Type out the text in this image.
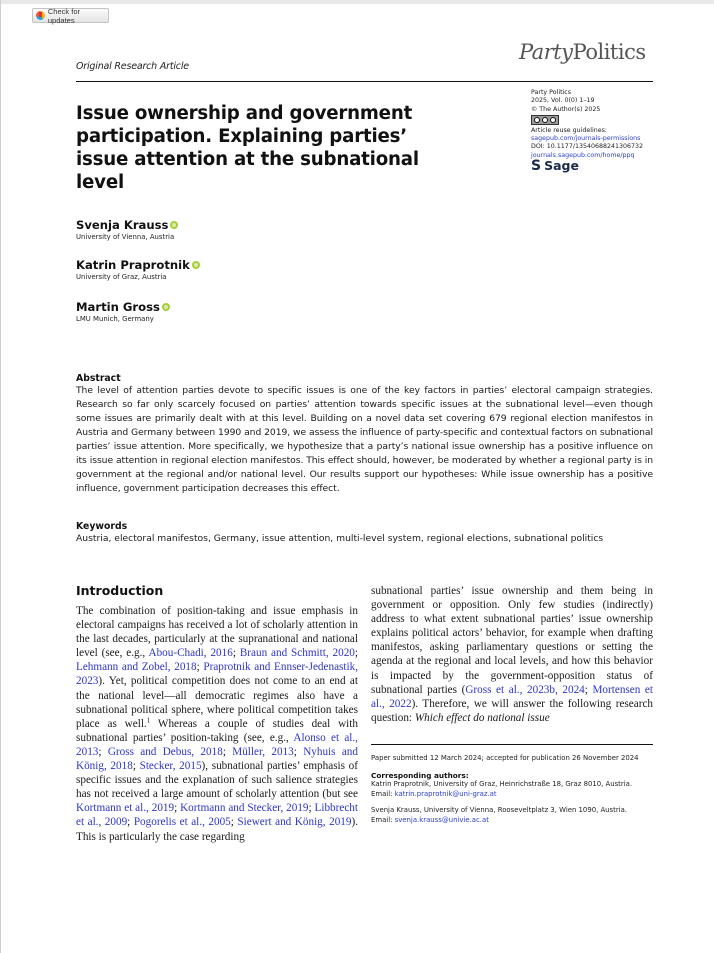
Check for updates
Original Research Article
PartyPolitics
Party Politics
2025, Vol. 0(0) 1–19
© The Author(s) 2025
Article reuse guidelines:
sagepub.com/journals-permissions
DOI: 10.1177/13540688241306732
journals.sagepub.com/home/ppq
S Sage
Issue ownership and government participation. Explaining parties’ issue attention at the subnational level
Svenja Krauss
University of Vienna, Austria
Katrin Praprotnik
University of Graz, Austria
Martin Gross
LMU Munich, Germany
Abstract

The level of attention parties devote to specific issues is one of the key factors in parties’ electoral campaign strategies. Research so far only scarcely focused on parties’ attention towards specific issues at the subnational level—even though some issues are primarily dealt with at this level. Building on a novel data set covering 679 regional election manifestos in Austria and Germany between 1990 and 2019, we assess the influence of party-specific and contextual factors on subnational parties’ issue attention. More specifically, we hypothesize that a party’s national issue ownership has a positive influence on its issue attention in regional election manifestos. This effect should, however, be moderated by whether a regional party is in government at the regional and/or national level. Our results support our hypotheses: While issue ownership has a positive influence, government participation decreases this effect.

Keywords

Austria, electoral manifestos, Germany, issue attention, multi-level system, regional elections, subnational politics

Introduction
The combination of position-taking and issue emphasis in electoral campaigns has received a lot of scholarly attention in the last decades, particularly at the supranational and national level (see, e.g., Abou-Chadi, 2016; Braun and Schmitt, 2020; Lehmann and Zobel, 2018; Praprotnik and Ennser-Jedenastik, 2023). Yet, political competition does not come to an end at the national level—all democratic regimes also have a subnational political sphere, where political competition takes place as well.$^1$ Whereas a couple of studies deal with subnational parties’ position-taking (see, e.g., Alonso et al., 2013; Gross and Debus, 2018; Müller, 2013; Nyhuis and König, 2018; Stecker, 2015), subnational parties’ emphasis of specific issues and the explanation of such salience strategies has not received a large amount of scholarly attention (but see Kortmann et al., 2019; Kortmann and Stecker, 2019; Libbrecht et al., 2009; Pogorelis et al., 2005; Siewert and König, 2019). This is particularly the case regarding
subnational parties’ issue ownership and them being in government or opposition. Only few studies (indirectly) address to what extent subnational parties’ issue ownership explains political actors’ behavior, for example when drafting manifestos, asking parliamentary questions or setting the agenda at the regional and local levels, and how this behavior is impacted by the government-opposition status of subnational parties (Gross et al., 2023b, 2024; Mortensen et al., 2022). Therefore, we will answer the following research question: Which effect do national issue
Paper submitted 12 March 2024; accepted for publication 26 November 2024
Corresponding authors:
Katrin Praprotnik, University of Graz, Heinrichstraße 18, Graz 8010, Austria.
Email: katrin.praprotnik@uni-graz.at
Svenja Krauss, University of Vienna, Rooseveltplatz 3, Wien 1090, Austria.
Email: svenja.krauss@univie.ac.at
